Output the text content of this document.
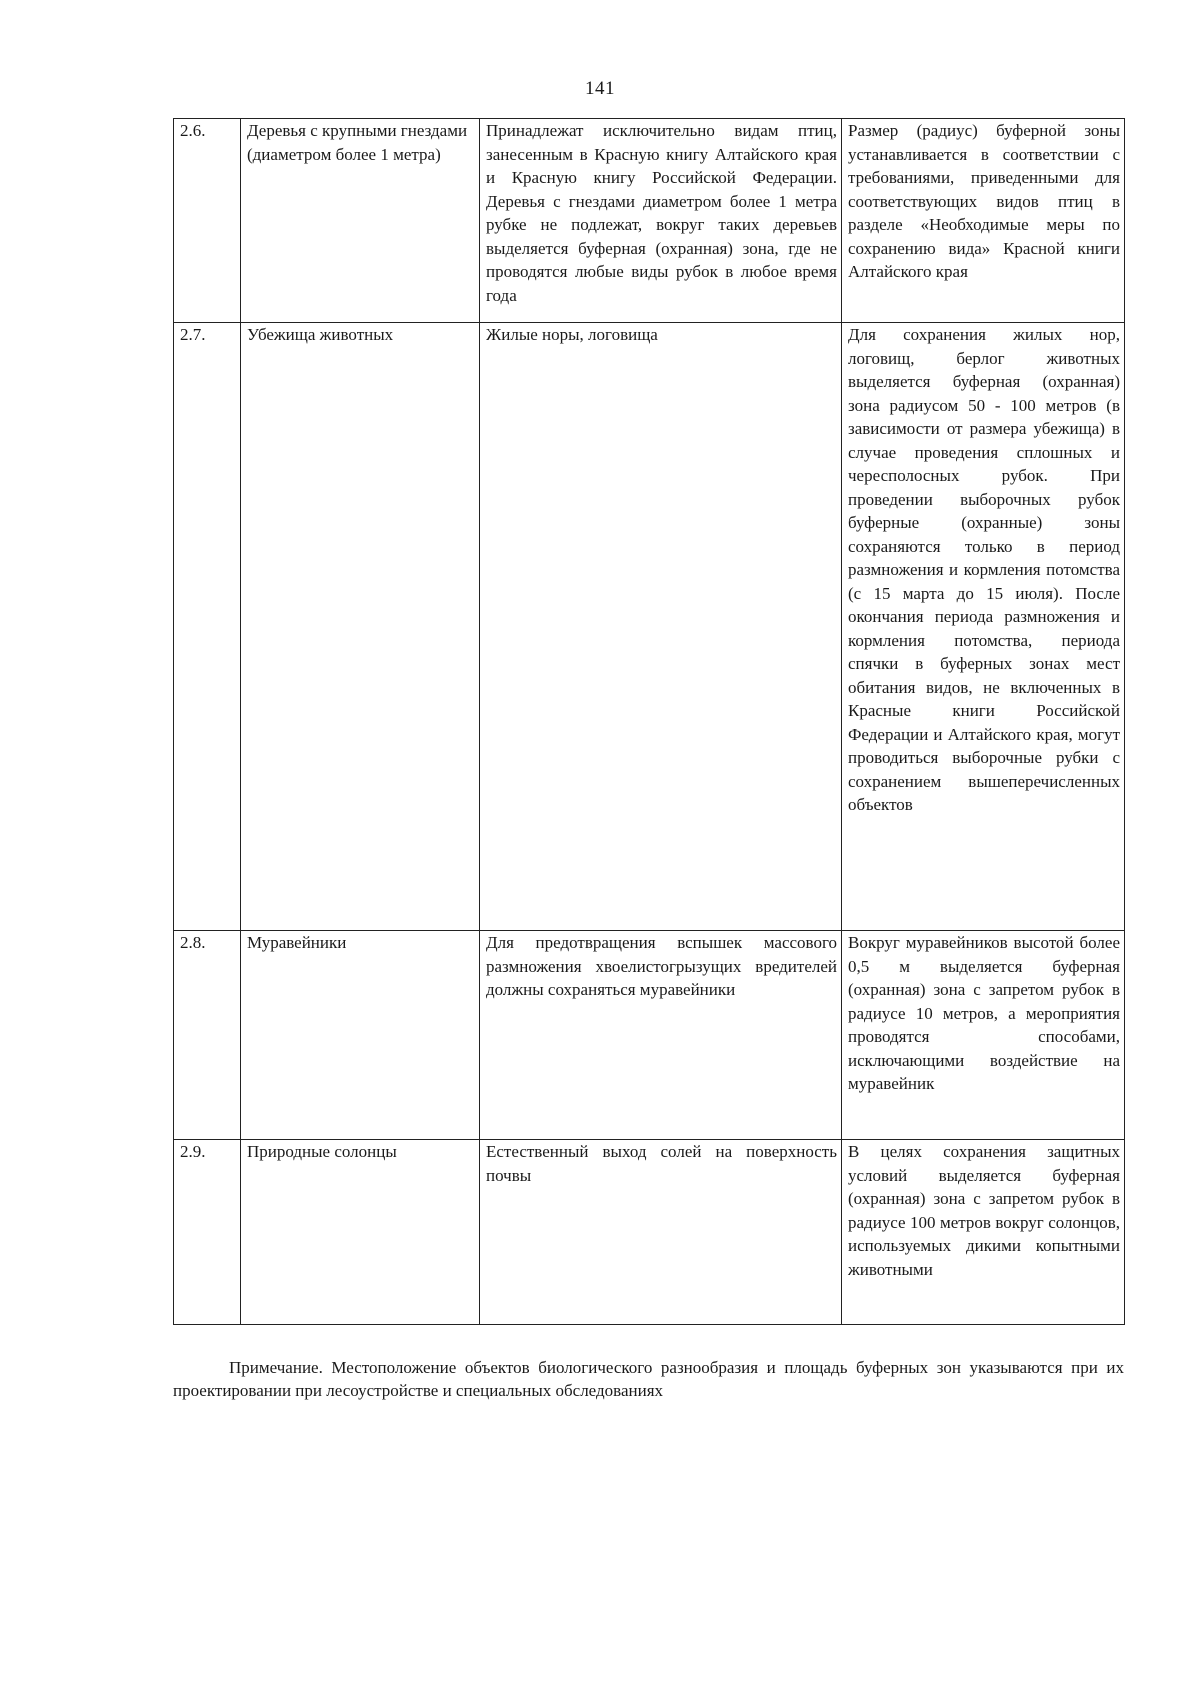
141
2.6.	Деревья с крупными гнездами (диаметром более 1 метра)	Принадлежат исключительно видам птиц, занесенным в Красную книгу Алтайского края и Красную книгу Российской Федерации. Деревья с гнездами диаметром более 1 метра рубке не подлежат, вокруг таких деревьев выделяется буферная (охранная) зона, где не проводятся любые виды рубок в любое время года	Размер (радиус) буферной зоны устанавливается в соответствии с требованиями, приведенными для соответствующих видов птиц в разделе «Необходимые меры по сохранению вида» Красной книги Алтайского края
2.7.	Убежища животных	Жилые норы, логовища	Для сохранения жилых нор, логовищ, берлог животных выделяется буферная (охранная) зона радиусом 50 - 100 метров (в зависимости от размера убежища) в случае проведения сплошных и чересполосных рубок. При проведении выборочных рубок буферные (охранные) зоны сохраняются только в период размножения и кормления потомства (с 15 марта до 15 июля). После окончания периода размножения и кормления потомства, периода спячки в буферных зонах мест обитания видов, не включенных в Красные книги Российской Федерации и Алтайского края, могут проводиться выборочные рубки с сохранением вышеперечисленных объектов
2.8.	Муравейники	Для предотвращения вспышек массового размножения хвоелистогрызущих вредителей должны сохраняться муравейники	Вокруг муравейников высотой более 0,5 м выделяется буферная (охранная) зона с запретом рубок в радиусе 10 метров, а мероприятия проводятся способами, исключающими воздействие на муравейник
2.9.	Природные солонцы	Естественный выход солей на поверхность почвы	В целях сохранения защитных условий выделяется буферная (охранная) зона с запретом рубок в радиусе 100 метров вокруг солонцов, используемых дикими копытными животными
Примечание. Местоположение объектов биологического разнообразия и площадь буферных зон указываются при их проектировании при лесоустройстве и специальных обследованиях
